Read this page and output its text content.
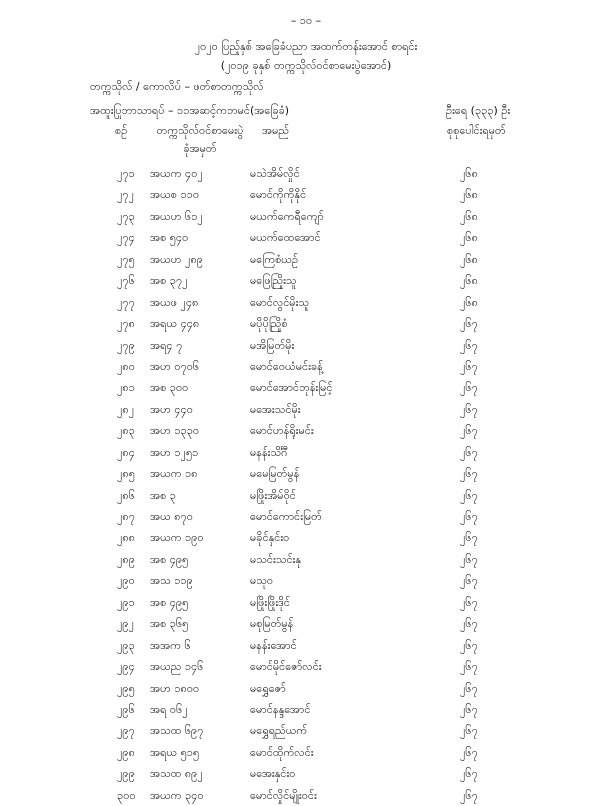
– ၁၀ –
၂၀၂၀ ပြည့်နှစ် အခြေခံပညာ အထက်တန်းအောင် စာရင်း
(၂၀၁၉ ခုနှစ် တက္ကသိုလ်ဝင်စာမေးပွဲအောင်)
တက္ကသိုလ် / ကောလိပ် – ဖတ်စာတက္ကသိုလ်
အထူးပြုဘာသာရပ် – ၁၁အဆင့်ကဘမင်(အခြေခံ)	ဦးရေ (၃၃၃) ဦး
စဉ်	တက္ကသိုလ်ဝင်စာမေးပွဲ
ခုံအမှတ်
အမည်	စုစုပေါင်းရမှတ်
၂၇၁ အယက ၄၀၂	မသဲအိမ်လှိုင်	၂၆၈
၂၇၂ အယစ ၁၁၀	မောင်ကိုကိုနိုင်	၂၆၈
၂၇၃ အယဟ ၆၁၂	မယက်ကေရီကျော်	၂၆၈
၂၇၄ အစ ၅၄၀	မယက်ထေအောင်	၂၆၈
၂၇၅ အယဟ ၂၈၉	မကြေစံယဉ်	၂၆၈
၂၇၆ အစ ၃၇၂	မဖြေညြိုးသူ	၂၆၈
၂၇၇ အယဖ ၂၄၈	မောင်လွင်မိုးသူ	၂၆၈
၂၇၈ အရယ ၄၄၈	မပိုပိုညြိုစံ	၂၆၇
၂၇၉ အရ၄ ၇	မအိမြတ်မိုး	၂၆၇
၂၈၀ အဟ ၀၇၀၆	မောင်ဝေယံမင်းခန့်	၂၆၇
၂၈၁ အစ ၃၀၀	မောင်အောင်ဘုန်းမြင့်	၂၆၇
၂၈၂ အဟ ၄၄၀	မအေးသင်မိုး	၂၆၇
၂၈၃ အဟ ၁၃၃၀	မောင်ဟန်ရိုးမင်း	၂၆၇
၂၈၄ အဟ ၁၂၅၁	မနန်းသိင်္ဂီ	၂၆၇
၂၈၅ အယက ၁၈	မမေမြတ်မွန်	၂၆၇
၂၈၆ အစ ၃	မဖြိုးအိမ်ဝိုင်	၂၆၇
၂၈၇ အယ ၈၇၀	မောင်ကောင်းမြတ်	၂၆၇
၂၈၈ အယက ၁၉၀	မခိုင်နှင်း၀	၂၆၇
၂၈၉ အစ ၄၉၅	မသင်းသင်းနု	၂၆၇
၂၉၀ အသ ၁၁၉	မသု၀	၂၆၇
၂၉၁ အစ ၄၉၅	မဖြိုးဖြိုးဒိုင်	၂၆၇
၂၉၂ အစ ၃၆၅	မစုမြတ်မွန်	၂၆၇
၂၉၃ အအက ၆	မနန်းအောင်	၂၆၇
၂၉၄ အယည ၁၄၆	မောင်မိုင်ဇော်လင်း	၂၆၇
၂၉၅ အဟ ၁၈၀၀	မရွှေဇော်	၂၆၇
၂၉၆ အရ ၀၆၂	မောင်နန္ဒအောင်	၂၆၇
၂၉၇ အသထ ၆၉၇	မရွှေရည်ယက်	၂၆၇
၂၉၈ အရယ ၅၁၅	မောင်ထိုက်လင်း	၂၆၇
၂၉၉ အသထ ၈၉၂	မအေးနှင်း၀	၂၆၇
၃၀၀ အယက ၃၄၀	မောင်လှိုင်မျိုးဝင်း	၂၆၇
